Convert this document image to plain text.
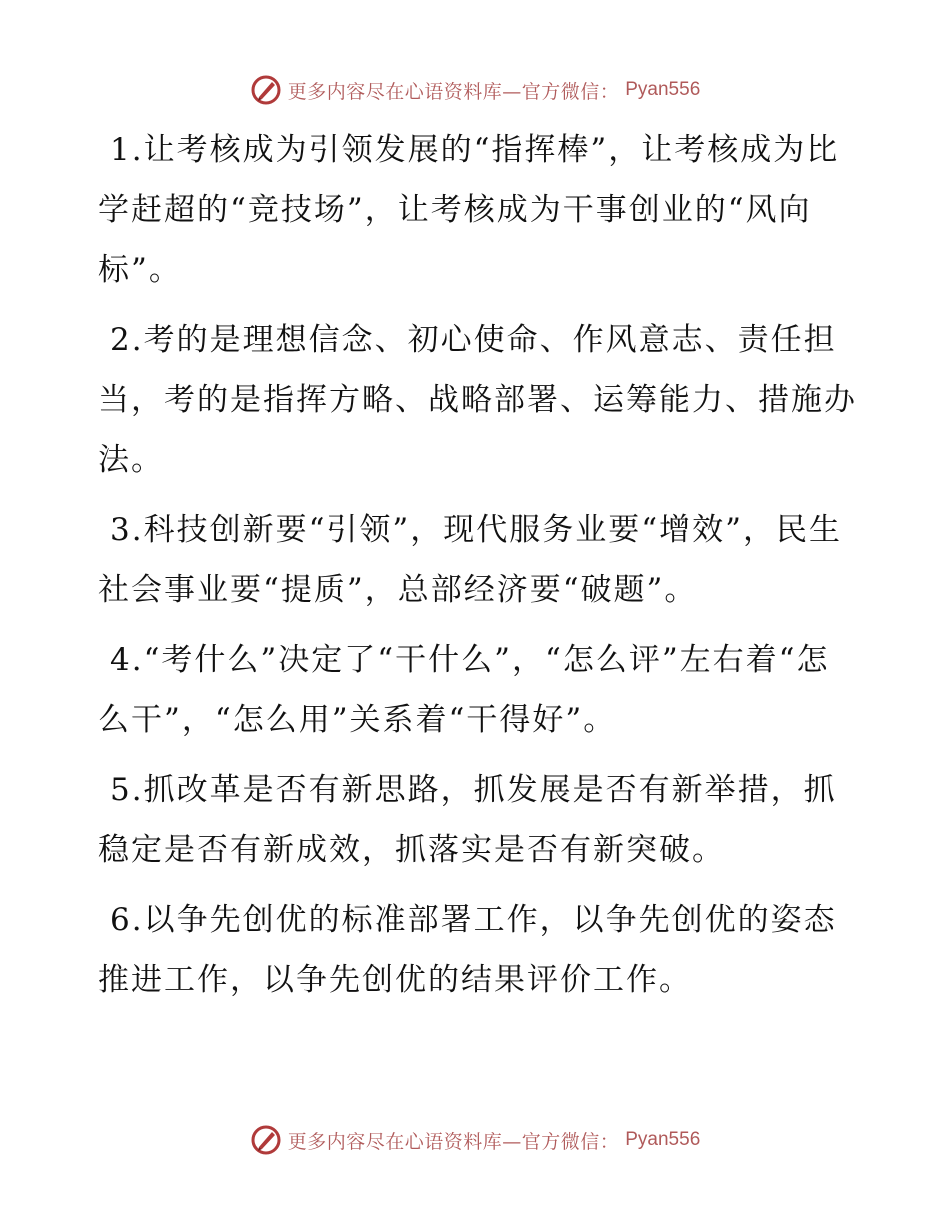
更多内容尽在心语资料库—官方微信： Pyan556

1.让考核成为引领发展的“指挥棒”，让考核成为比学赶超的“竞技场”，让考核成为干事创业的“风向标”。

2.考的是理想信念、初心使命、作风意志、责任担当，考的是指挥方略、战略部署、运筹能力、措施办法。

3.科技创新要“引领”，现代服务业要“增效”，民生社会事业要“提质”，总部经济要“破题”。

4.“考什么”决定了“干什么”，“怎么评”左右着“怎么干”，“怎么用”关系着“干得好”。

5.抓改革是否有新思路，抓发展是否有新举措，抓稳定是否有新成效，抓落实是否有新突破。

6.以争先创优的标准部署工作，以争先创优的姿态推进工作，以争先创优的结果评价工作。

更多内容尽在心语资料库—官方微信： Pyan556
